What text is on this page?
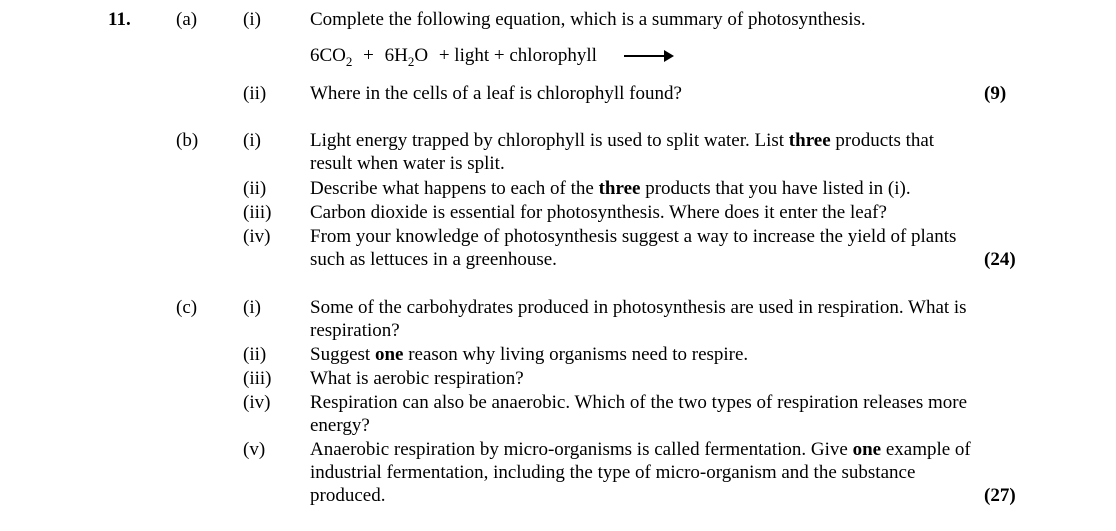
11. (a) (i)	Complete the following equation, which is a summary of photosynthesis.
$6CO_2 + 6H_2O$ + light + chlorophyll
(ii) Where in the cells of a leaf is chlorophyll found?	(9)
(b) (i)	Light energy trapped by chlorophyll is used to split water. List three products that
result when water is split.
(ii) Describe what happens to each of the three products that you have listed in (i).
(iii) Carbon dioxide is essential for photosynthesis. Where does it enter the leaf?
(iv) From your knowledge of photosynthesis suggest a way to increase the yield of plants
such as lettuces in a greenhouse.	(24)
(c) (i)	Some of the carbohydrates produced in photosynthesis are used in respiration. What is
respiration?
(ii) Suggest one reason why living organisms need to respire.
(iii) What is aerobic respiration?
(iv) Respiration can also be anaerobic. Which of the two types of respiration releases more
energy?
(v) Anaerobic respiration by micro-organisms is called fermentation. Give one example of
industrial fermentation, including the type of micro-organism and the substance
produced.	(27)
